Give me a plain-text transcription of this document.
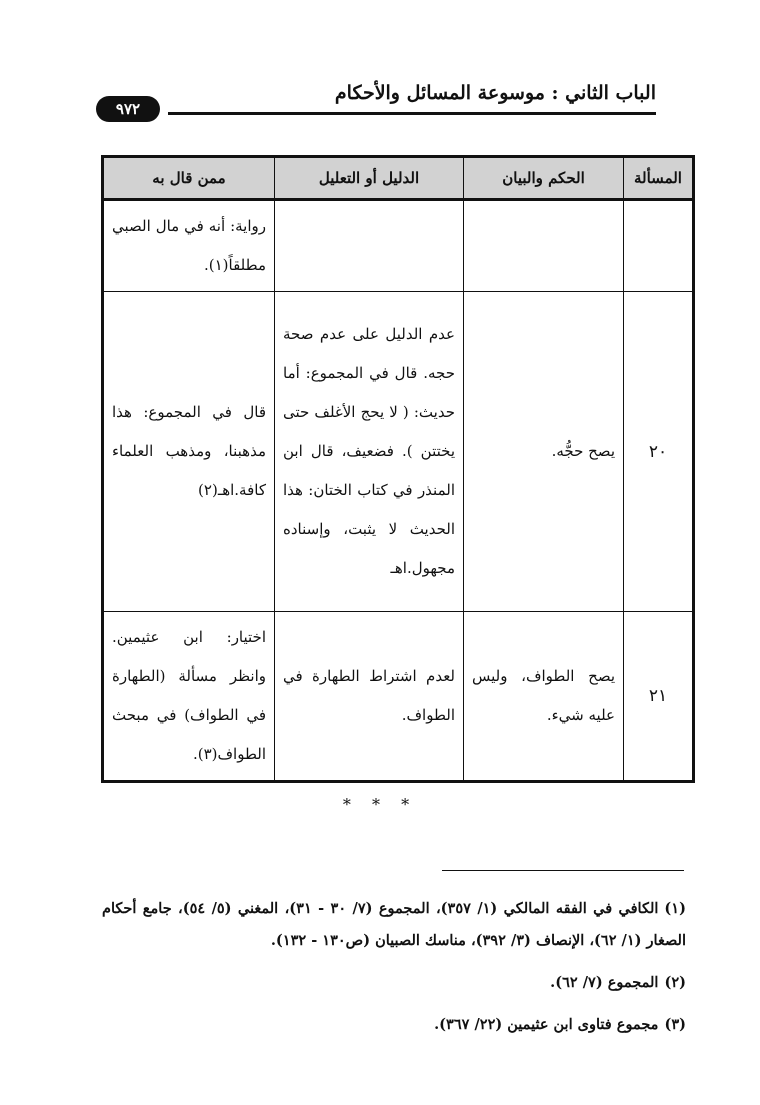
الباب الثاني : موسوعة المسائل والأحكام
٩٧٢
المسألة	الحكم والبيان	الدليل أو التعليل	ممن قال به
			رواية: أنه في مال الصبي مطلقاً(١).
٢٠	يصح حجُّه.	عدم الدليل على عدم صحة حجه. قال في المجموع: أما حديث: ( لا يحج الأغلف حتى يختتن ). فضعيف، قال ابن المنذر في كتاب الختان: هذا الحديث لا يثبت، وإسناده مجهول.اهـ	قال في المجموع: هذا مذهبنا، ومذهب العلماء كافة.اهـ(٢)
٢١	يصح الطواف، وليس عليه شيء.	لعدم اشتراط الطهارة في الطواف.	اختيار: ابن عثيمين. وانظر مسألة (الطهارة في الطواف) في مبحث الطواف(٣).
* * *

(١)الكافي في الفقه المالكي (١/ ٣٥٧)، المجموع (٧/ ٣٠ - ٣١)، المغني (٥/ ٥٤)، جامع أحكام الصغار (١/ ٦٢)، الإنصاف (٣/ ٣٩٢)، مناسك الصبيان (ص١٣٠ - ١٣٢).

(٢)المجموع (٧/ ٦٢).

(٣)مجموع فتاوى ابن عثيمين (٢٢/ ٣٦٧).
